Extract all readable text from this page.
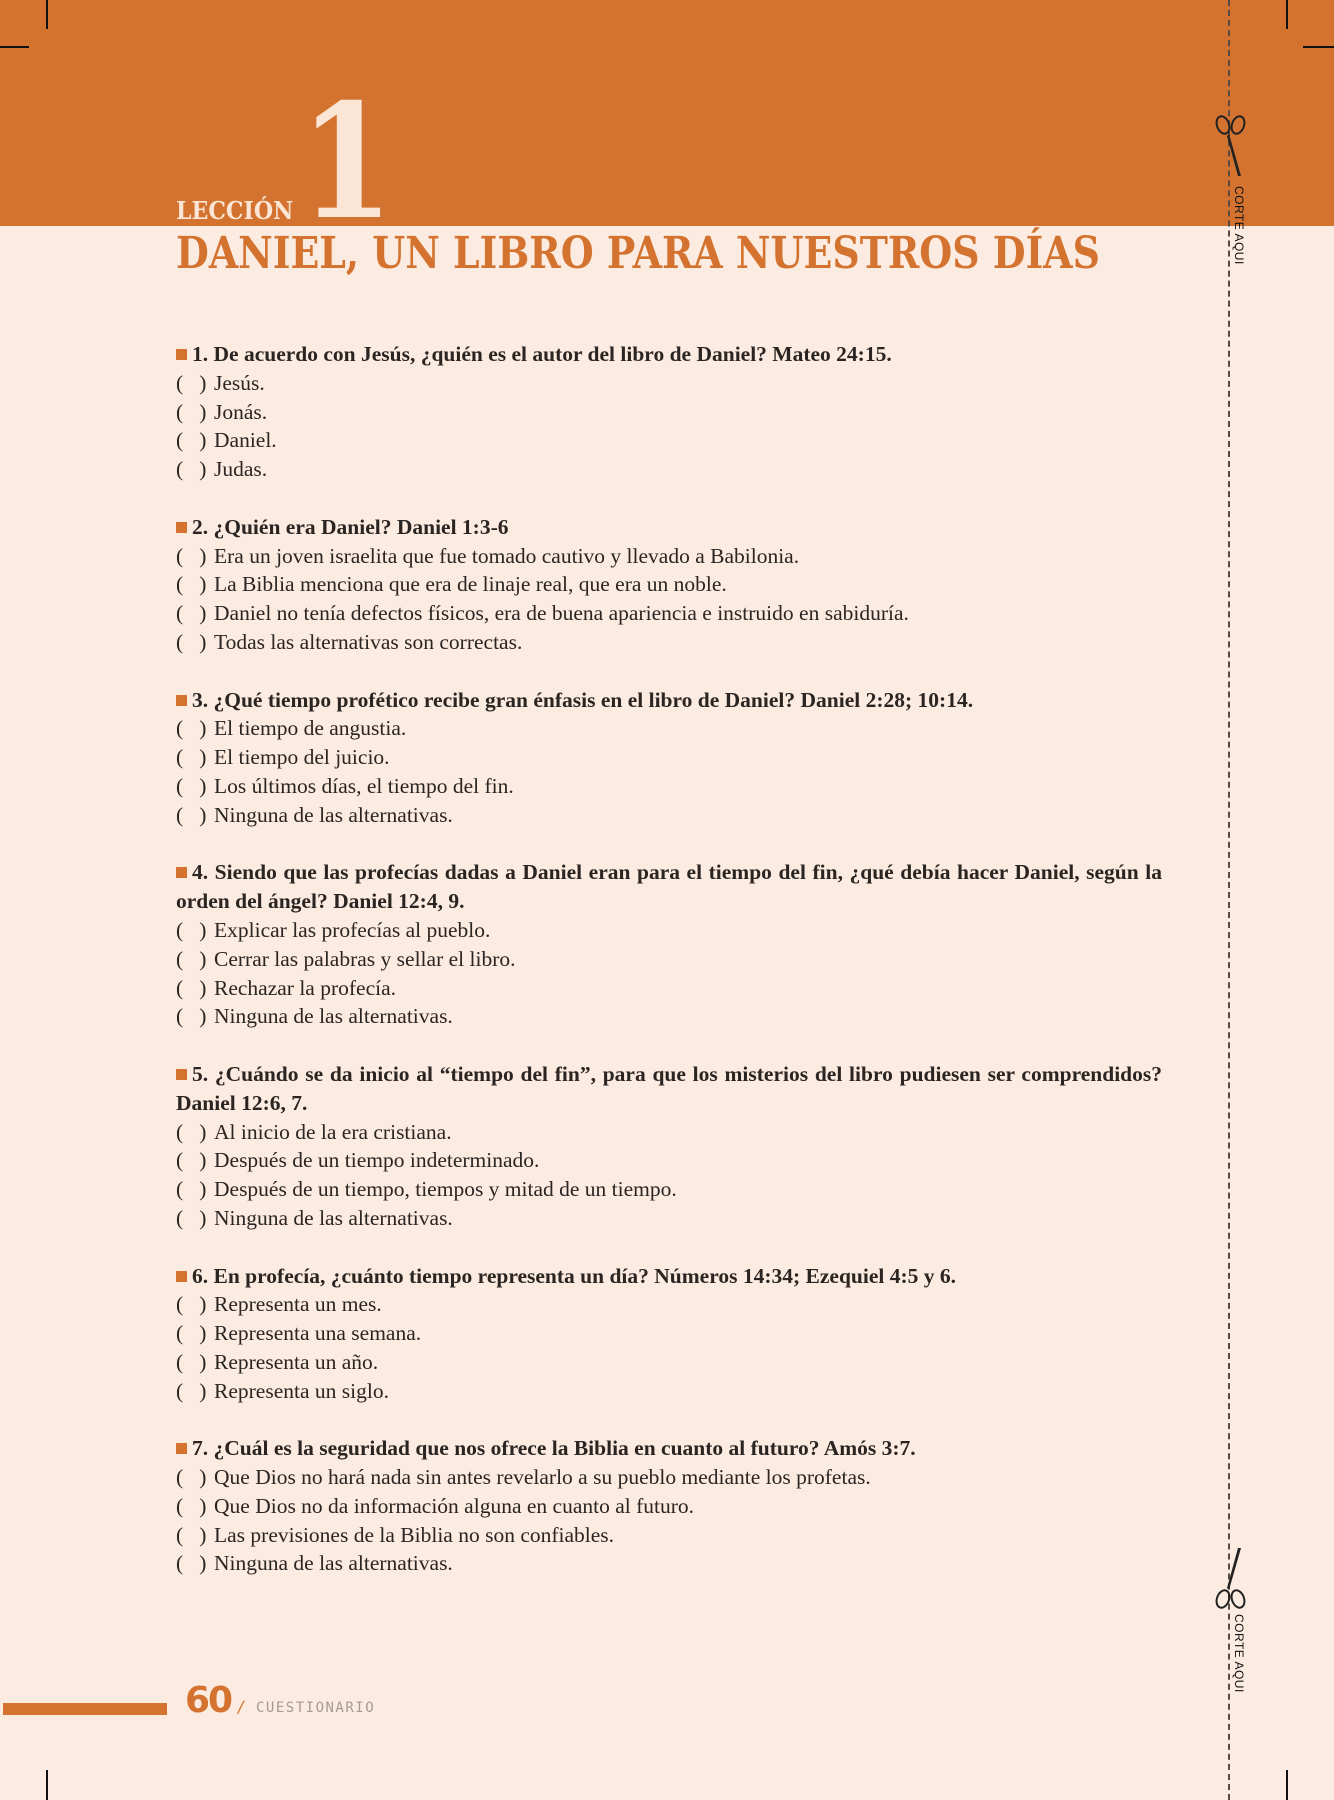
LECCIÓN 1
DANIEL, UN LIBRO PARA NUESTROS DÍAS	CORTE AQUI
CORTE AQUI
1. De acuerdo con Jesús, ¿quién es el autor del libro de Daniel? Mateo 24:15.
(   ) Jesús.
(   ) Jonás.
(   ) Daniel.
(   ) Judas.
2. ¿Quién era Daniel? Daniel 1:3-6
(   ) Era un joven israelita que fue tomado cautivo y llevado a Babilonia.
(   ) La Biblia menciona que era de linaje real, que era un noble.
(   ) Daniel no tenía defectos físicos, era de buena apariencia e instruido en sabiduría.
(   ) Todas las alternativas son correctas.
3. ¿Qué tiempo profético recibe gran énfasis en el libro de Daniel? Daniel 2:28; 10:14.
(   ) El tiempo de angustia.
(   ) El tiempo del juicio.
(   ) Los últimos días, el tiempo del fin.
(   ) Ninguna de las alternativas.
4. Siendo que las profecías dadas a Daniel eran para el tiempo del fin, ¿qué debía hacer Daniel, según la orden del ángel? Daniel 12:4, 9.
(   ) Explicar las profecías al pueblo.
(   ) Cerrar las palabras y sellar el libro.
(   ) Rechazar la profecía.
(   ) Ninguna de las alternativas.
5. ¿Cuándo se da inicio al “tiempo del fin”, para que los misterios del libro pudiesen ser comprendidos? Daniel 12:6, 7.
(   ) Al inicio de la era cristiana.
(   ) Después de un tiempo indeterminado.
(   ) Después de un tiempo, tiempos y mitad de un tiempo.
(   ) Ninguna de las alternativas.
6. En profecía, ¿cuánto tiempo representa un día? Números 14:34; Ezequiel 4:5 y 6.
(   ) Representa un mes.
(   ) Representa una semana.
(   ) Representa un año.
(   ) Representa un siglo.
7. ¿Cuál es la seguridad que nos ofrece la Biblia en cuanto al futuro? Amós 3:7.
(   ) Que Dios no hará nada sin antes revelarlo a su pueblo mediante los profetas.
(   ) Que Dios no da información alguna en cuanto al futuro.
(   ) Las previsiones de la Biblia no son confiables.
(   ) Ninguna de las alternativas.
60 / CUESTIONARIO
